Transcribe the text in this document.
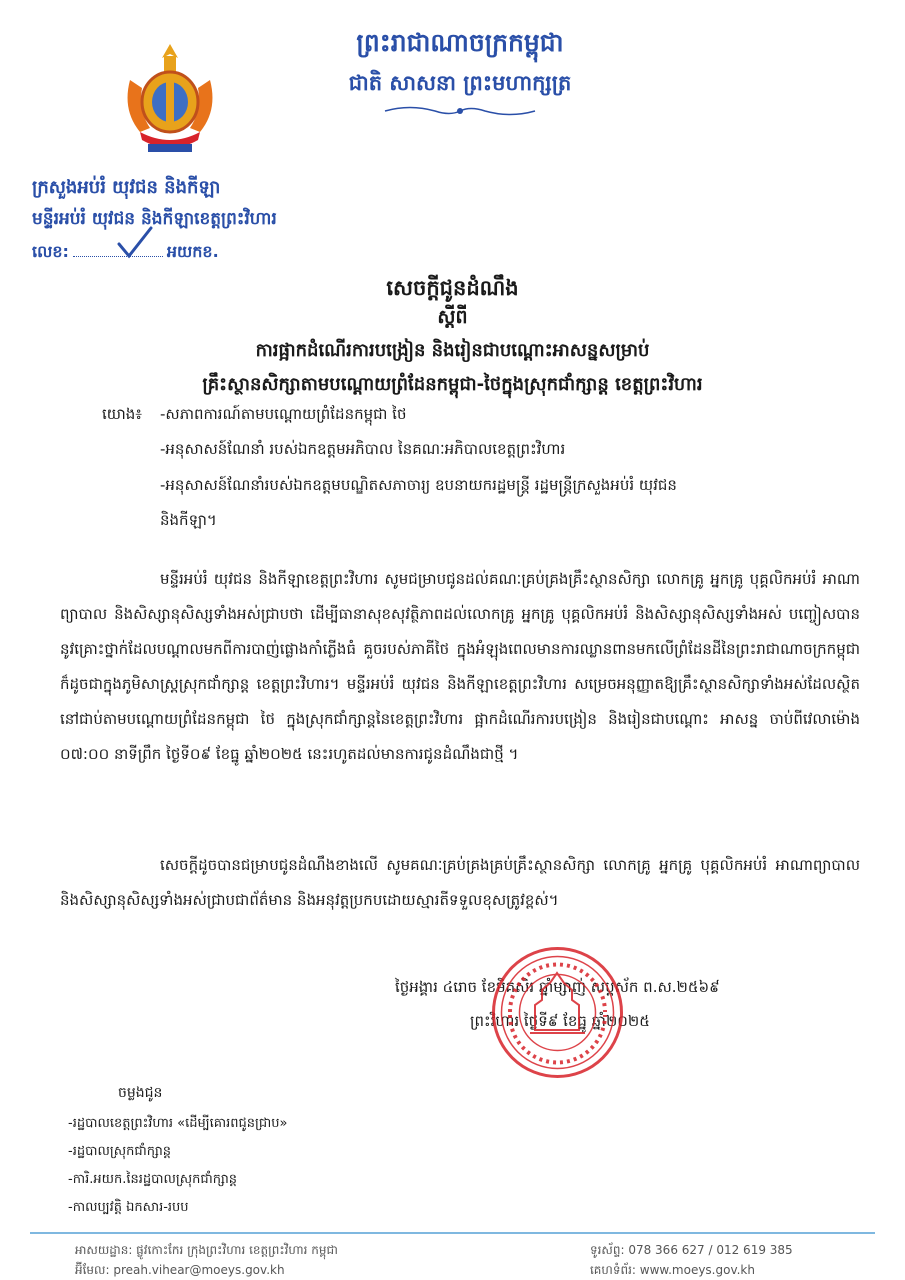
ព្រះរាជាណាចក្រកម្ពុជា
ជាតិ សាសនា ព្រះមហាក្សត្រ
ក្រសួងអប់រំ យុវជន និងកីឡា
មន្ទីរអប់រំ យុវជន និងកីឡាខេត្តព្រះវិហារ
លេខ:	អយកខ.
សេចក្តីជូនដំណឹង
ស្តីពី
ការផ្អាកដំណើរការបង្រៀន និងរៀនជាបណ្តោះអាសន្នសម្រាប់
គ្រឹះស្ថានសិក្សាតាមបណ្តោយព្រំដែនកម្ពុជា-ថៃក្នុងស្រុកជាំក្សាន្ត ខេត្តព្រះវិហារ
យោង៖ -សភាពការណ៍តាមបណ្តោយព្រំដែនកម្ពុជា ថៃ
-អនុសាសន៍ណែនាំ របស់ឯកឧត្តមអភិបាល នៃគណៈអភិបាលខេត្តព្រះវិហារ
-អនុសាសន៍ណែនាំរបស់ឯកឧត្តមបណ្ឌិតសភាចារ្យ ឧបនាយករដ្ឋមន្ត្រី រដ្ឋមន្ត្រីក្រសួងអប់រំ យុវជន
និងកីឡា។
មន្ទីរអប់រំ យុវជន និងកីឡាខេត្តព្រះវិហារ សូមជម្រាបជូនដល់គណៈគ្រប់គ្រងគ្រឹះស្ថានសិក្សា លោកគ្រូ អ្នកគ្រូ បុគ្គលិកអប់រំ អាណាព្យាបាល និងសិស្សានុសិស្សទាំងអស់ជ្រាបថា ដើម្បីធានាសុខសុវត្ថិភាពដល់លោកគ្រូ អ្នកគ្រូ បុគ្គលិកអប់រំ និងសិស្សានុសិស្សទាំងអស់ បញ្ចៀសបាននូវគ្រោះថ្នាក់ដែលបណ្តាលមកពីការបាញ់ផ្លោងកាំភ្លើងធំ គួចរបស់ភាគីថៃ ក្នុងអំឡុងពេលមានការឈ្លានពានមកលើព្រំដែនដីនៃព្រះរាជាណាចក្រកម្ពុជា ក៏ដូចជាក្នុងភូមិសាស្ត្រស្រុកជាំក្សាន្ត ខេត្តព្រះវិហារ។ មន្ទីរអប់រំ យុវជន និងកីឡាខេត្តព្រះវិហារ សម្រេចអនុញ្ញាតឱ្យគ្រឹះស្ថានសិក្សាទាំងអស់ដែលស្ថិតនៅជាប់តាមបណ្តោយព្រំដែនកម្ពុជា ថៃ ក្នុងស្រុកជាំក្សាន្តនៃខេត្តព្រះវិហារ ផ្អាកដំណើរការបង្រៀន និងរៀនជាបណ្តោះ អាសន្ន ចាប់ពីវេលាម៉ោង ០៧:០០ នាទីព្រឹក ថ្ងៃទី០៩ ខែធ្នូ ឆ្នាំ២០២៥ នេះរហូតដល់មានការជូនដំណឹងជាថ្មី ។
សេចក្តីដូចបានជម្រាបជូនដំណឹងខាងលើ សូមគណៈគ្រប់គ្រងគ្រប់គ្រឹះស្ថានសិក្សា លោកគ្រូ អ្នកគ្រូ បុគ្គលិកអប់រំ អាណាព្យាបាល និងសិស្សានុសិស្សទាំងអស់ជ្រាបជាព័ត៌មាន និងអនុវត្តប្រកបដោយស្មារតីទទួលខុសត្រូវខ្ពស់។
ថ្ងៃអង្គារ ៤រោច ខែមិគសិរ ឆ្នាំម្សាញ់ សប្តស័ក ព.ស.២៥៦៩
ព្រះវិហារ ថ្ងៃទី៩ ខែធ្នូ ឆ្នាំ២០២៥
ចម្លងជូន
-រដ្ឋបាលខេត្តព្រះវិហារ «ដើម្បីគោរពជូនជ្រាប»
-រដ្ឋបាលស្រុកជាំក្សាន្ត
-ការិ.អយក.នៃរដ្ឋបាលស្រុកជាំក្សាន្ត
-កាលប្បវត្តិ ឯកសារ-របប
អាសយដ្ឋាន: ផ្លូវកោះកែរ ក្រុងព្រះវិហារ ខេត្តព្រះវិហារ កម្ពុជា
អ៊ីមែល: preah.vihear@moeys.gov.kh
ទូរស័ព្ទ: 078 366 627 / 012 619 385
គេហទំព័រ: www.moeys.gov.kh
